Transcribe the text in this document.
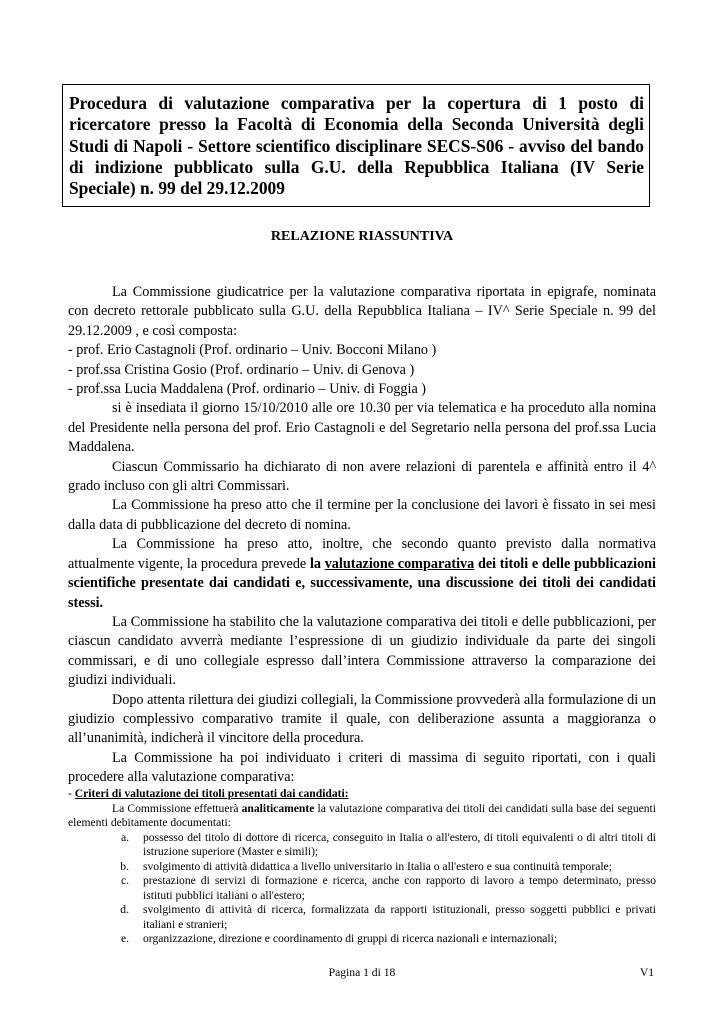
Procedura di valutazione comparativa per la copertura di 1 posto di ricercatore presso la Facoltà di Economia della Seconda Università degli Studi di Napoli - Settore scientifico disciplinare SECS-S06 - avviso del bando di indizione pubblicato sulla G.U. della Repubblica Italiana (IV Serie Speciale) n. 99 del 29.12.2009
RELAZIONE RIASSUNTIVA

La Commissione giudicatrice per la valutazione comparativa riportata in epigrafe, nominata con decreto rettorale pubblicato sulla G.U. della Repubblica Italiana – IV^ Serie Speciale n. 99 del 29.12.2009 , e così composta:

- prof. Erio Castagnoli (Prof. ordinario – Univ. Bocconi Milano )

- prof.ssa Cristina Gosio (Prof. ordinario – Univ. di Genova )

- prof.ssa Lucia Maddalena (Prof. ordinario – Univ. di Foggia )

si è insediata il giorno 15/10/2010 alle ore 10.30 per via telematica e ha proceduto alla nomina del Presidente nella persona del prof. Erio Castagnoli e del Segretario nella persona del prof.ssa Lucia Maddalena.

Ciascun Commissario ha dichiarato di non avere relazioni di parentela e affinità entro il 4^ grado incluso con gli altri Commissari.

La Commissione ha preso atto che il termine per la conclusione dei lavori è fissato in sei mesi dalla data di pubblicazione del decreto di nomina.

La Commissione ha preso atto, inoltre, che secondo quanto previsto dalla normativa attualmente vigente, la procedura prevede la valutazione comparativa dei titoli e delle pubblicazioni scientifiche presentate dai candidati e, successivamente, una discussione dei titoli dei candidati stessi.

La Commissione ha stabilito che la valutazione comparativa dei titoli e delle pubblicazioni, per ciascun candidato avverrà mediante l’espressione di un giudizio individuale da parte dei singoli commissari, e di uno collegiale espresso dall’intera Commissione attraverso la comparazione dei giudizi individuali.

Dopo attenta rilettura dei giudizi collegiali, la Commissione provvederà alla formulazione di un giudizio complessivo comparativo tramite il quale, con deliberazione assunta a maggioranza o all’unanimità, indicherà il vincitore della procedura.

La Commissione ha poi individuato i criteri di massima di seguito riportati, con i quali procedere alla valutazione comparativa:

- Criteri di valutazione dei titoli presentati dai candidati:

La Commissione effettuerà analiticamente la valutazione comparativa dei titoli dei candidati sulla base dei seguenti elementi debitamente documentati:

a.	possesso del titolo di dottore di ricerca, conseguito in Italia o all'estero, di titoli equivalenti o di altri titoli di istruzione superiore (Master e simili);
b.	svolgimento di attività didattica a livello universitario in Italia o all'estero e sua continuità temporale;
c.	prestazione di servizi di formazione e ricerca, anche con rapporto di lavoro a tempo determinato, presso istituti pubblici italiani o all'estero;
d.	svolgimento di attività di ricerca, formalizzata da rapporti istituzionali, presso soggetti pubblici e privati italiani e stranieri;
e.	organizzazione, direzione e coordinamento di gruppi di ricerca nazionali e internazionali;
Pagina 1 di 18	V1
